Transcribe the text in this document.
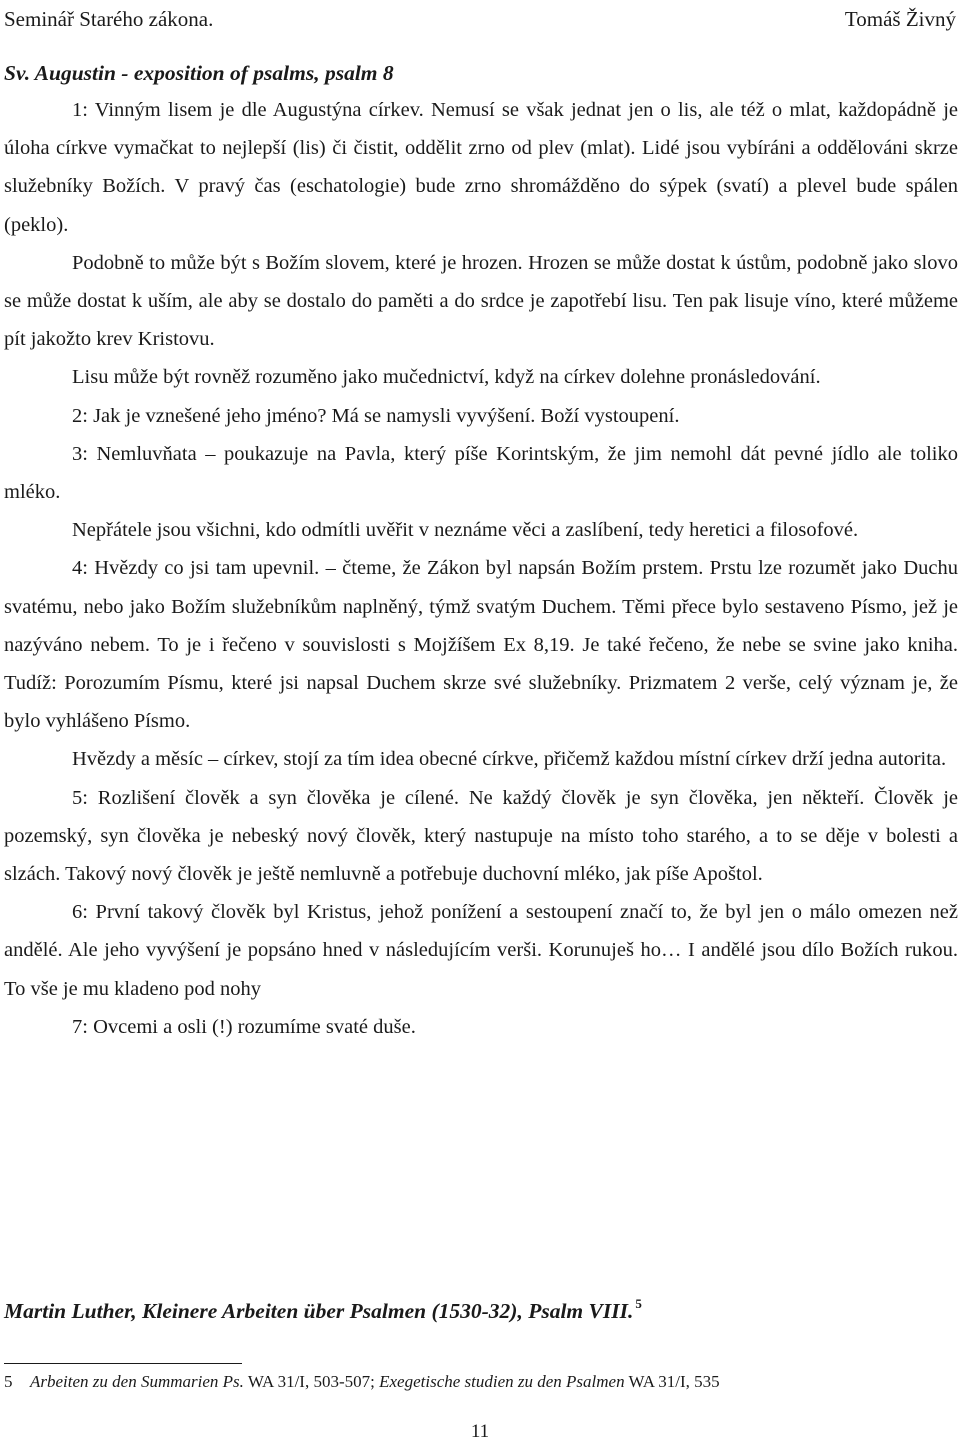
Seminář Starého zákona.	Tomáš Živný
Sv. Augustin - exposition of psalms, psalm 8

1: Vinným lisem je dle Augustýna církev. Nemusí se však jednat jen o lis, ale též o mlat, každopádně je úloha církve vymačkat to nejlepší (lis) či čistit, oddělit zrno od plev (mlat). Lidé jsou vybíráni a oddělováni skrze služebníky Božích. V pravý čas (eschatologie) bude zrno shromážděno do sýpek (svatí) a plevel bude spálen (peklo).

Podobně to může být s Božím slovem, které je hrozen. Hrozen se může dostat k ústům, podobně jako slovo se může dostat k uším, ale aby se dostalo do paměti a do srdce je zapotřebí lisu. Ten pak lisuje víno, které můžeme pít jakožto krev Kristovu.

Lisu může být rovněž rozuměno jako mučednictví, když na církev dolehne pronásledování.

2: Jak je vznešené jeho jméno? Má se namysli vyvýšení. Boží vystoupení.

3: Nemluvňata – poukazuje na Pavla, který píše Korintským, že jim nemohl dát pevné jídlo ale toliko mléko.

Nepřátele jsou všichni, kdo odmítli uvěřit v neznáme věci a zaslíbení, tedy heretici a filosofové.

4: Hvězdy co jsi tam upevnil. – čteme, že Zákon byl napsán Božím prstem. Prstu lze rozumět jako Duchu svatému, nebo jako Božím služebníkům naplněný, týmž svatým Duchem. Těmi přece bylo sestaveno Písmo, jež je nazýváno nebem. To je i řečeno v souvislosti s Mojžíšem Ex 8,19. Je také řečeno, že nebe se svine jako kniha. Tudíž: Porozumím Písmu, které jsi napsal Duchem skrze své služebníky. Prizmatem 2 verše, celý význam je, že bylo vyhlášeno Písmo.

Hvězdy a měsíc – církev, stojí za tím idea obecné církve, přičemž každou místní církev drží jedna autorita.

5: Rozlišení člověk a syn člověka je cílené. Ne každý člověk je syn člověka, jen někteří. Člověk je pozemský, syn člověka je nebeský nový člověk, který nastupuje na místo toho starého, a to se děje v bolesti a slzách. Takový nový člověk je ještě nemluvně a potřebuje duchovní mléko, jak píše Apoštol.

6: První takový člověk byl Kristus, jehož ponížení a sestoupení značí to, že byl jen o málo omezen než andělé. Ale jeho vyvýšení je popsáno hned v následujícím verši. Korunuješ ho… I andělé jsou dílo Božích rukou. To vše je mu kladeno pod nohy

7: Ovcemi a osli (!) rozumíme svaté duše.

Martin Luther, Kleinere Arbeiten über Psalmen (1530-32), Psalm VIII. $^5$
5 Arbeiten zu den Summarien Ps. WA 31/I, 503-507; Exegetische studien zu den Psalmen WA 31/I, 535
11
